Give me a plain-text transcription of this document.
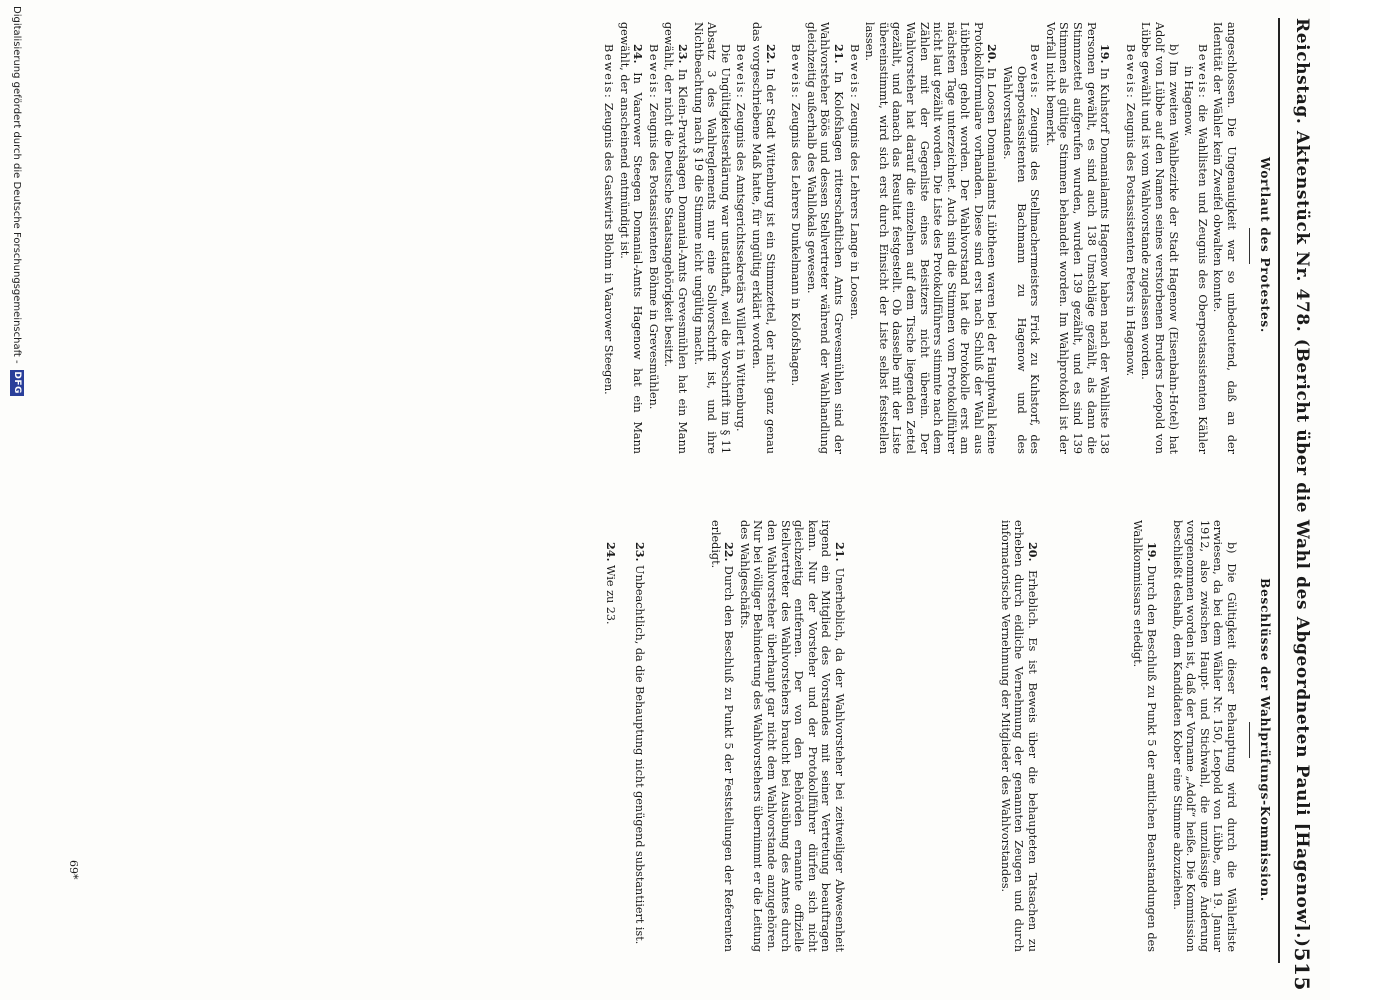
Reichstag. Aktenstück Nr. 478. (Bericht über die Wahl des Abgeordneten Pauli [Hagenow].)
515
Wortlaut des Protestes.
Beschlüsse der Wahlprüfungs-Kommission.

angeschlossen. Die Ungenauigkeit war so unbedeutend, daß an der Identität der Wähler kein Zweifel obwalten konnte.

Beweis: die Wahllisten und Zeugnis des Oberpostassistenten Kähler in Hagenow.

b) Im zweiten Wahlbezirke der Stadt Hagenow (Eisenbahn-Hotel) hat Adolf von Lübbe auf den Namen seines verstorbenen Bruders Leopold von Lübbe gewählt und ist vom Wahlvorstande zugelassen worden.

Beweis: Zeugnis des Postassistenten Peters in Hagenow.

19. In Kuhstorf Domanialamts Hagenow haben nach der Wahlliste 138 Personen gewählt, es sind auch 138 Umschläge gezählt, als dann die Stimmzettel aufgerufen wurden, wurden 139 gezählt, und es sind 139 Stimmen als gültige Stimmen behandelt worden. Im Wahlprotokoll ist der Vorfall nicht bemerkt.

Beweis: Zeugnis des Stellmachermeisters Frick zu Kuhstorf, des Oberpostassistenten Bachmann zu Hagenow und des Wahlvorstandes.

20. In Loosen Domanialamts Lübtheen waren bei der Hauptwahl keine Protokollformulare vorhanden. Diese sind erst nach Schluß der Wahl aus Lübtheen geholt worden. Der Wahlvorstand hat die Protokolle erst am nächsten Tage unterzeichnet. Auch sind die Stimmen vom Protokollführer nicht laut gezählt worden. Die Liste des Protokollführers stimmte nach dem Zählen mit der Gegenliste eines Beisitzers nicht überein. Der Wahlvorsteher hat darauf die einzelnen auf dem Tische liegenden Zettel gezählt, und danach das Resultat festgestellt. Ob dasselbe mit der Liste übereinstimmt, wird sich erst durch Einsicht der Liste selbst feststellen lassen.

Beweis: Zeugnis des Lehrers Lange in Loosen.

21. In Kolofshagen ritterschaftlichen Amts Grevesmühlen sind der Wahlvorsteher Böös und dessen Stellvertreter während der Wahlhandlung gleichzeitig außerhalb des Wahllokals gewesen.

Beweis: Zeugnis des Lehrers Dunkelmann in Kolofshagen.

22. In der Stadt Wittenburg ist ein Stimmzettel, der nicht ganz genau das vorgeschriebene Maß hatte, für ungültig erklärt worden.

Beweis: Zeugnis des Amtsgerichtssekretärs Willert in Wittenburg.

Die Ungültigkeitserklärung war unstatthaft, weil die Vorschrift im § 11 Absatz 3 des Wahlreglements nur eine Sollvorschrift ist, und ihre Nichtbeachtung nach § 19 die Stimme nicht ungültig macht.

23. In Klein-Pravtshagen Domanial-Amts Grevesmühlen hat ein Mann gewählt, der nicht die Deutsche Staatsangehörigkeit besitzt.

Beweis: Zeugnis des Postassistenten Böhme in Grevesmühlen.

24. In Vaarower Steegen Domanial-Amts Hagenow hat ein Mann gewählt, der anscheinend entmündigt ist.

Beweis: Zeugnis des Gastwirts Blohm in Vaarower Steegen.

b) Die Gültigkeit dieser Behauptung wird durch die Wählerliste erwiesen, da bei dem Wähler Nr. 150, Leopold von Lübbe, am 19. Januar 1912, also zwischen Haupt- und Stichwahl, die unzulässige Änderung vorgenommen worden ist, daß der Vorname „Adolf“ heiße. Die Kommission beschließt deshalb, dem Kandidaten Kober eine Stimme abzuziehen.

19. Durch den Beschluß zu Punkt 5 der amtlichen Beanstandungen des Wahlkommissars erledigt.

20. Erheblich. Es ist Beweis über die behaupteten Tatsachen zu erheben durch eidliche Vernehmung der genannten Zeugen und durch informatorische Vernehmung der Mitglieder des Wahlvorstandes.

21. Unerheblich, da der Wahlvorsteher bei zeitweiliger Abwesenheit irgend ein Mitglied des Vorstandes mit seiner Vertretung beauftragen kann. Nur der Vorsteher und der Protokollführer dürfen sich nicht gleichzeitig entfernen. Der von den Behörden ernannte offizielle Stellvertreter des Wahlvorstehers braucht bei Ausübung des Amtes durch den Wahlvorsteher überhaupt gar nicht dem Wahlvorstande anzugehören. Nur bei völliger Behinderung des Wahlvorstehers übernimmt er die Leitung des Wahlgeschäfts.

22. Durch den Beschluß zu Punkt 5 der Feststellungen der Referenten erledigt.

23. Unbeachtlich, da die Behauptung nicht genügend substantiiert ist.

24. Wie zu 23.

69*
Digitalisierung gefördert durch die Deutsche Forschungsgemeinschaft -
DFG
